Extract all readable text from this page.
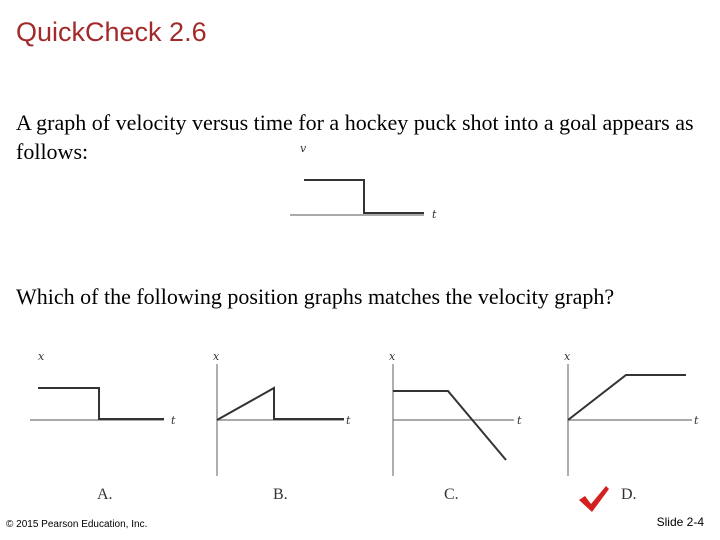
QuickCheck 2.6

A graph of velocity versus time for a hockey puck shot into a goal appears as follows:	v
t

Which of the following position graphs matches the velocity graph?

x
t
A.
x
t
B.
x
t
C.
x
t
D.
© 2015 Pearson Education, Inc.	Slide 2-4
